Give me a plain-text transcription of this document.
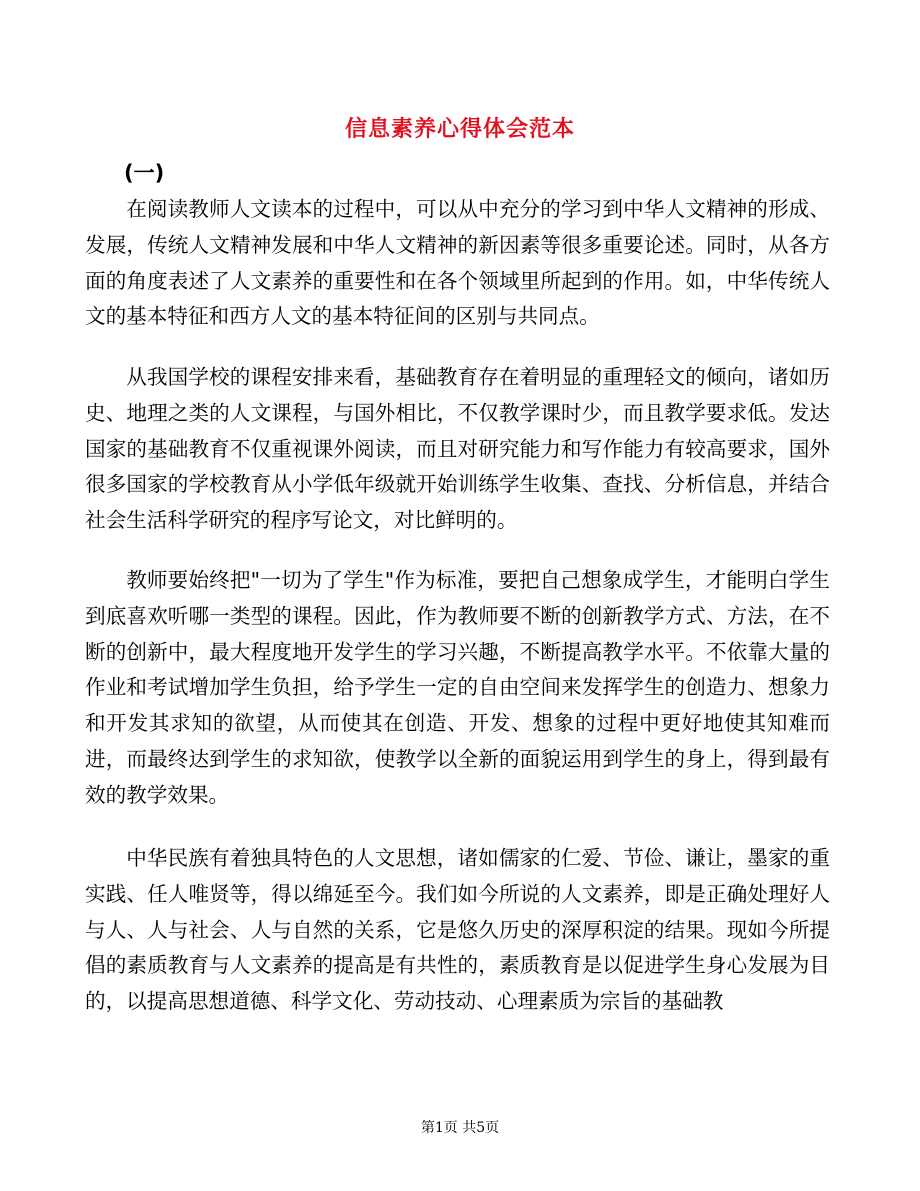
信息素养心得体会范本
(一)

在阅读教师人文读本的过程中，可以从中充分的学习到中华人文精神的形成、发展，传统人文精神发展和中华人文精神的新因素等很多重要论述。同时，从各方面的角度表述了人文素养的重要性和在各个领域里所起到的作用。如，中华传统人文的基本特征和西方人文的基本特征间的区别与共同点。

从我国学校的课程安排来看，基础教育存在着明显的重理轻文的倾向，诸如历史、地理之类的人文课程，与国外相比，不仅教学课时少，而且教学要求低。发达国家的基础教育不仅重视课外阅读，而且对研究能力和写作能力有较高要求，国外很多国家的学校教育从小学低年级就开始训练学生收集、查找、分析信息，并结合社会生活科学研究的程序写论文，对比鲜明的。

教师要始终把"一切为了学生"作为标准，要把自己想象成学生，才能明白学生到底喜欢听哪一类型的课程。因此，作为教师要不断的创新教学方式、方法，在不断的创新中，最大程度地开发学生的学习兴趣，不断提高教学水平。不依靠大量的作业和考试增加学生负担，给予学生一定的自由空间来发挥学生的创造力、想象力和开发其求知的欲望，从而使其在创造、开发、想象的过程中更好地使其知难而进，而最终达到学生的求知欲，使教学以全新的面貌运用到学生的身上，得到最有效的教学效果。

中华民族有着独具特色的人文思想，诸如儒家的仁爱、节俭、谦让，墨家的重实践、任人唯贤等，得以绵延至今。我们如今所说的人文素养，即是正确处理好人与人、人与社会、人与自然的关系，它是悠久历史的深厚积淀的结果。现如今所提倡的素质教育与人文素养的提高是有共性的，素质教育是以促进学生身心发展为目的，以提高思想道德、科学文化、劳动技动、心理素质为宗旨的基础教

第1页 共5页
